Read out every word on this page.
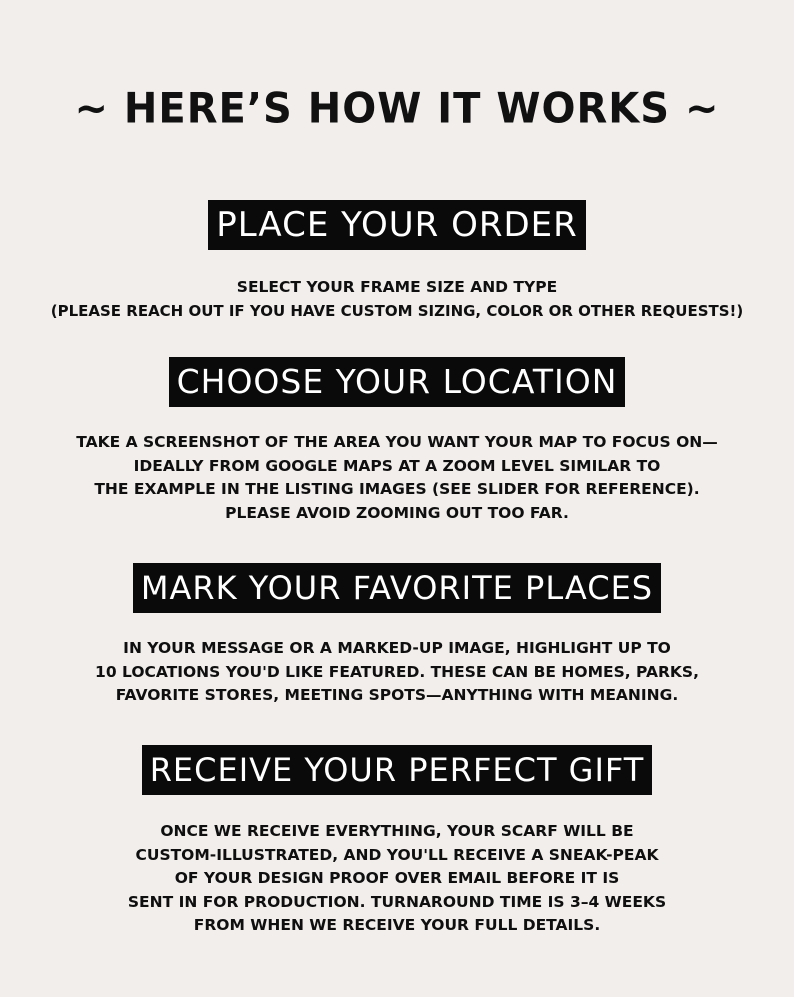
~ HERE’S HOW IT WORKS ~
PLACE YOUR ORDER
SELECT YOUR FRAME SIZE AND TYPE
(PLEASE REACH OUT IF YOU HAVE CUSTOM SIZING, COLOR OR OTHER REQUESTS!)
CHOOSE YOUR LOCATION
TAKE A SCREENSHOT OF THE AREA YOU WANT YOUR MAP TO FOCUS ON—
IDEALLY FROM GOOGLE MAPS AT A ZOOM LEVEL SIMILAR TO
THE EXAMPLE IN THE LISTING IMAGES (SEE SLIDER FOR REFERENCE).
PLEASE AVOID ZOOMING OUT TOO FAR.
MARK YOUR FAVORITE PLACES
IN YOUR MESSAGE OR A MARKED-UP IMAGE, HIGHLIGHT UP TO
10 LOCATIONS YOU'D LIKE FEATURED. THESE CAN BE HOMES, PARKS,
FAVORITE STORES, MEETING SPOTS—ANYTHING WITH MEANING.
RECEIVE YOUR PERFECT GIFT
ONCE WE RECEIVE EVERYTHING, YOUR SCARF WILL BE
CUSTOM-ILLUSTRATED, AND YOU'LL RECEIVE A SNEAK-PEAK
OF YOUR DESIGN PROOF OVER EMAIL BEFORE IT IS
SENT IN FOR PRODUCTION. TURNAROUND TIME IS 3–4 WEEKS
FROM WHEN WE RECEIVE YOUR FULL DETAILS.
